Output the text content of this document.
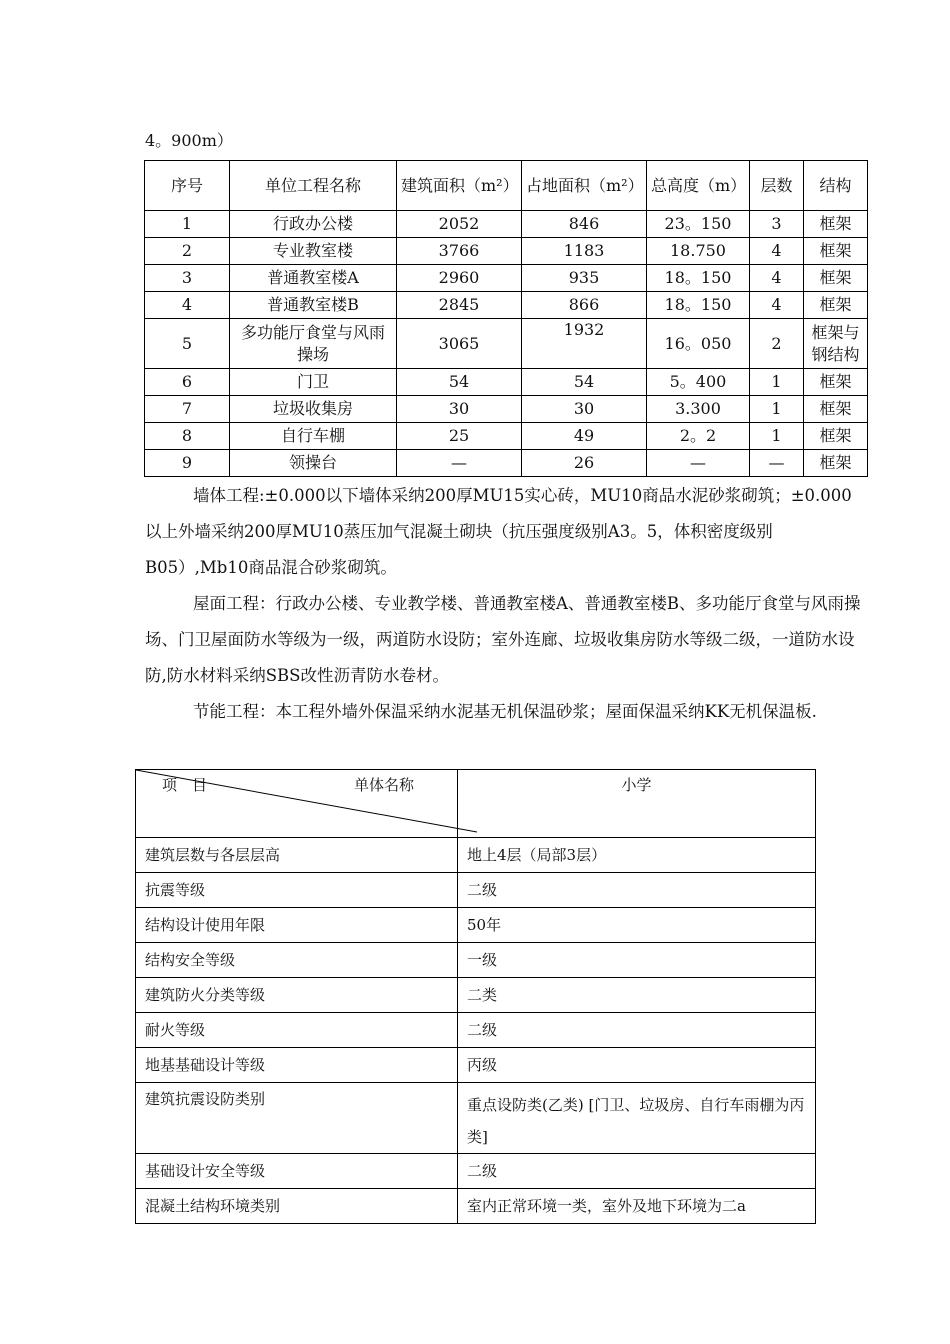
4。900m）
序号	单位工程名称	建筑面积（m²）	占地面积（m²）	总高度（m）	层数	结构
1	行政办公楼	2052	846	23。150	3	框架
2	专业教室楼	3766	1183	18.750	4	框架
3	普通教室楼A	2960	935	18。150	4	框架
4	普通教室楼B	2845	866	18。150	4	框架
5	多功能厅食堂与风雨操场	3065	1932	16。050	2	框架与钢结构
6	门卫	54	54	5。400	1	框架
7	垃圾收集房	30	30	3.300	1	框架
8	自行车棚	25	49	2。2	1	框架
9	领操台	—	26	—	—	框架
墙体工程:±0.000以下墙体采纳200厚MU15实心砖，MU10商品水泥砂浆砌筑；±0.000以上外墙采纳200厚MU10蒸压加气混凝土砌块（抗压强度级别A3。5，体积密度级别B05）,Mb10商品混合砂浆砌筑。
屋面工程：行政办公楼、专业教学楼、普通教室楼A、普通教室楼B、多功能厅食堂与风雨操场、门卫屋面防水等级为一级，两道防水设防；室外连廊、垃圾收集房防水等级二级，一道防水设防,防水材料采纳SBS改性沥青防水卷材。
节能工程：本工程外墙外保温采纳水泥基无机保温砂浆；屋面保温采纳KK无机保温板.
项　目 单体名称	小学
建筑层数与各层层高	地上4层（局部3层）
抗震等级	二级
结构设计使用年限	50年
结构安全等级	一级
建筑防火分类等级	二类
耐火等级	二级
地基基础设计等级	丙级
建筑抗震设防类别	重点设防类(乙类) [门卫、垃圾房、自行车雨棚为丙类]
基础设计安全等级	二级
混凝土结构环境类别	室内正常环境一类，室外及地下环境为二a
